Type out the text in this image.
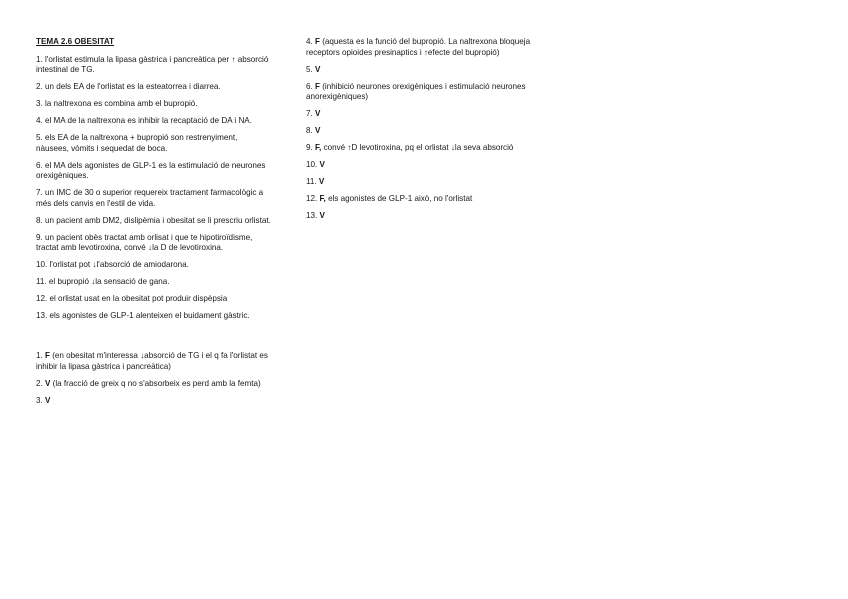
TEMA 2.6 OBESITAT
1. l'orlistat estimula la lipasa gàstrica i pancreàtica per ↑ absorció intestinal de TG.
2. un dels EA de l'orlistat es la esteatorrea i diarrea.
3. la naltrexona es combina amb el bupropió.
4. el MA de la naltrexona es inhibir la recaptació de DA i NA.
5. els EA de la naltrexona + bupropió son restrenyiment, nàusees, vòmits i sequedat de boca.
6. el MA dels agonistes de GLP-1 es la estimulació de neurones orexigèniques.
7. un IMC de 30 o superior requereix tractament farmacològic a més dels canvis en l'estil de vida.
8. un pacient amb DM2, dislipèmia i obesitat se li prescriu orlistat.
9. un pacient obès tractat amb orlisat i que te hipotiroïdisme, tractat amb levotiroxina, convé ↓la D de levotiroxina.
10. l'orlistat pot ↓l'absorció de amiodarona.
11. el bupropió ↓la sensació de gana.
12. el orlistat usat en la obesitat pot produir dispèpsia
13. els agonistes de GLP-1 alenteixen el buidament gàstric.
1. F (en obesitat m'interessa ↓absorció de TG i el q fa l'orlistat es inhibir la lipasa gàstrica i pancreàtica)
2. V (la fracció de greix q no s'absorbeix es perd amb la femta)
3. V
4. F (aquesta es la funció del bupropió. La naltrexona bloqueja receptors opioides presinaptics i ↑efecte del bupropió)
5. V
6. F (inhibició neurones orexigèniques i estimulació neurones anorexigèniques)
7. V
8. V
9. F, convé ↑D levotiroxina, pq el orlistat ↓la seva absorció
10. V
11. V
12. F, els agonistes de GLP-1 això, no l'orlistat
13. V
